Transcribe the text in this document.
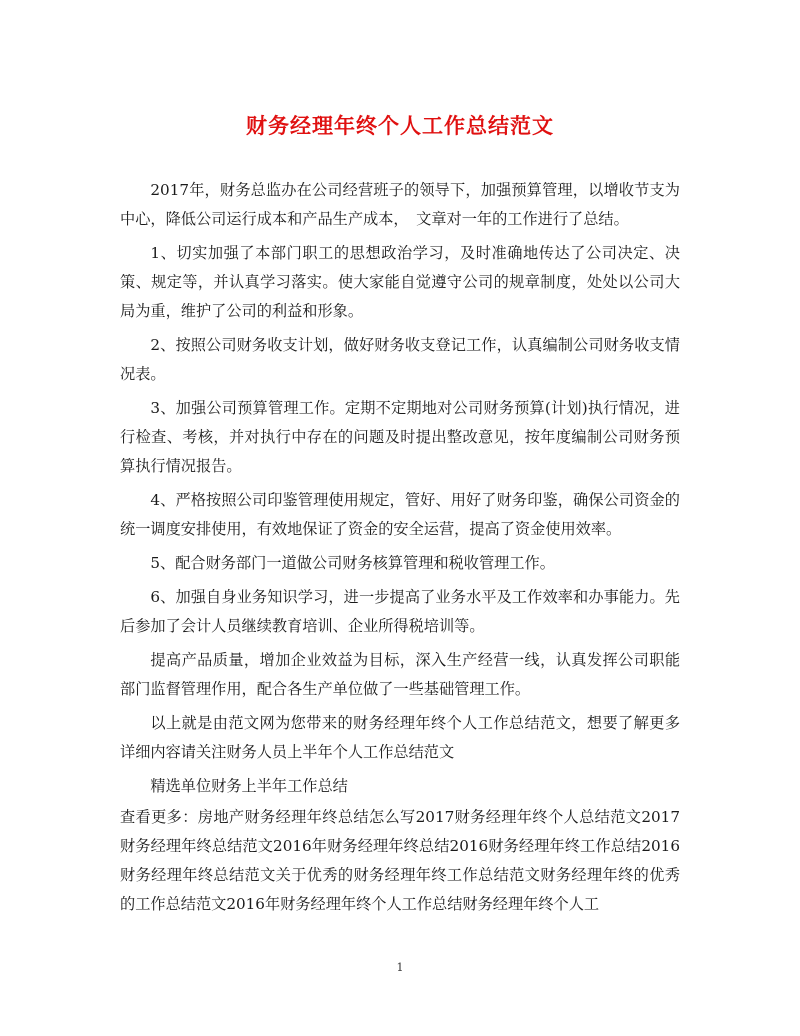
财务经理年终个人工作总结范文

2017年，财务总监办在公司经营班子的领导下，加强预算管理，以增收节支为中心，降低公司运行成本和产品生产成本，　文章对一年的工作进行了总结。

1、切实加强了本部门职工的思想政治学习，及时准确地传达了公司决定、决策、规定等，并认真学习落实。使大家能自觉遵守公司的规章制度，处处以公司大局为重，维护了公司的利益和形象。

2、按照公司财务收支计划，做好财务收支登记工作，认真编制公司财务收支情况表。

3、加强公司预算管理工作。定期不定期地对公司财务预算(计划)执行情况，进行检查、考核，并对执行中存在的问题及时提出整改意见，按年度编制公司财务预算执行情况报告。

4、严格按照公司印鉴管理使用规定，管好、用好了财务印鉴，确保公司资金的统一调度安排使用，有效地保证了资金的安全运营，提高了资金使用效率。

5、配合财务部门一道做公司财务核算管理和税收管理工作。

6、加强自身业务知识学习，进一步提高了业务水平及工作效率和办事能力。先后参加了会计人员继续教育培训、企业所得税培训等。

提高产品质量，增加企业效益为目标，深入生产经营一线，认真发挥公司职能部门监督管理作用，配合各生产单位做了一些基础管理工作。

以上就是由范文网为您带来的财务经理年终个人工作总结范文，想要了解更多详细内容请关注财务人员上半年个人工作总结范文

精选单位财务上半年工作总结

查看更多：房地产财务经理年终总结怎么写2017财务经理年终个人总结范文2017财务经理年终总结范文2016年财务经理年终总结2016财务经理年终工作总结2016财务经理年终总结范文关于优秀的财务经理年终工作总结范文财务经理年终的优秀的工作总结范文2016年财务经理年终个人工作总结财务经理年终个人工

1
